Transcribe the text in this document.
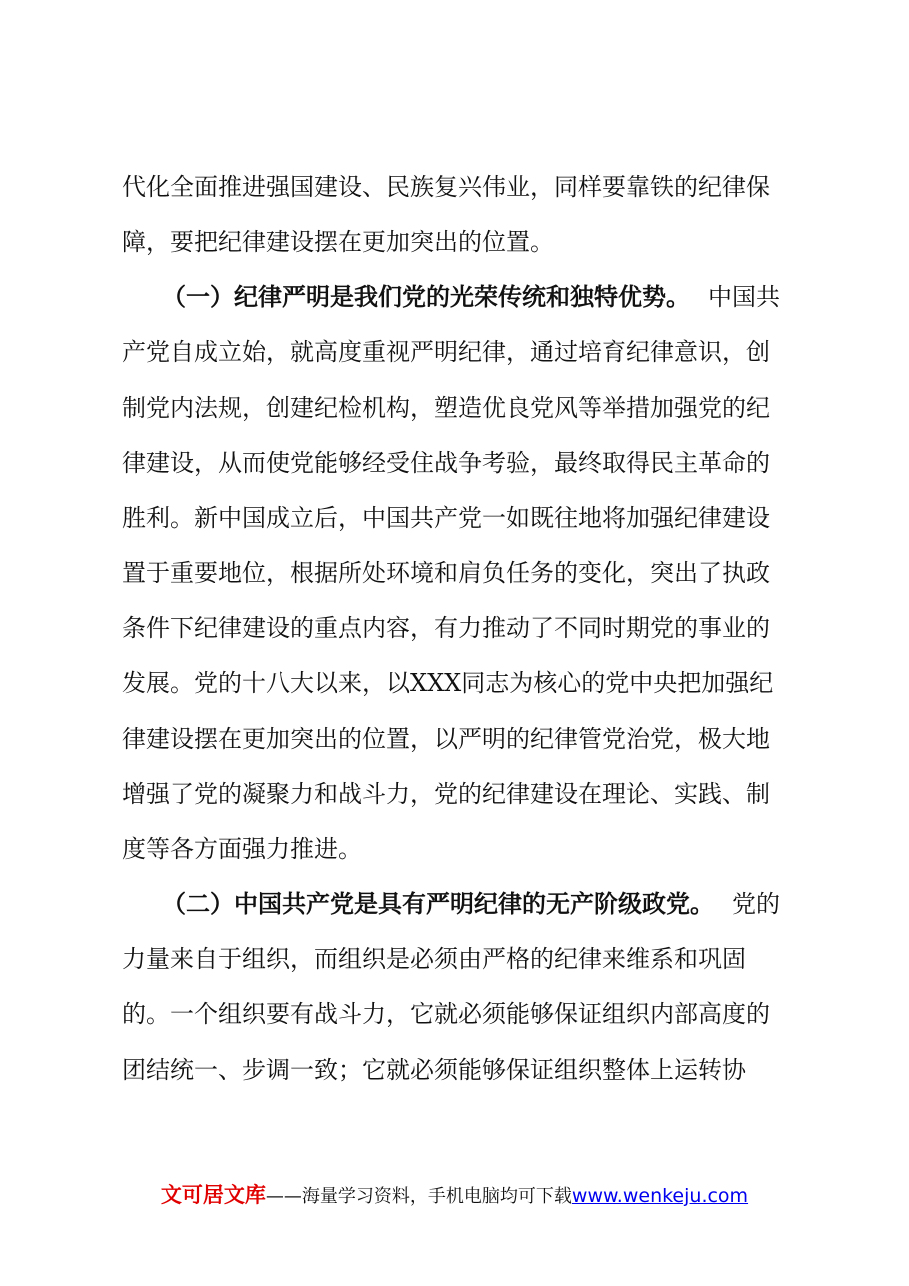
代化全面推进强国建设、民族复兴伟业，同样要靠铁的纪律保
障，要把纪律建设摆在更加突出的位置。
（一）纪律严明是我们党的光荣传统和独特优势。 中国共
产党自成立始，就高度重视严明纪律，通过培育纪律意识，创
制党内法规，创建纪检机构，塑造优良党风等举措加强党的纪
律建设，从而使党能够经受住战争考验，最终取得民主革命的
胜利。新中国成立后，中国共产党一如既往地将加强纪律建设
置于重要地位，根据所处环境和肩负任务的变化，突出了执政
条件下纪律建设的重点内容，有力推动了不同时期党的事业的
发展。党的十八大以来，以XXX同志为核心的党中央把加强纪
律建设摆在更加突出的位置，以严明的纪律管党治党，极大地
增强了党的凝聚力和战斗力，党的纪律建设在理论、实践、制
度等各方面强力推进。
（二）中国共产党是具有严明纪律的无产阶级政党。 党的
力量来自于组织，而组织是必须由严格的纪律来维系和巩固
的。一个组织要有战斗力，它就必须能够保证组织内部高度的
团结统一、步调一致；它就必须能够保证组织整体上运转协
文可居文库——海量学习资料，手机电脑均可下载www.wenkeju.com
